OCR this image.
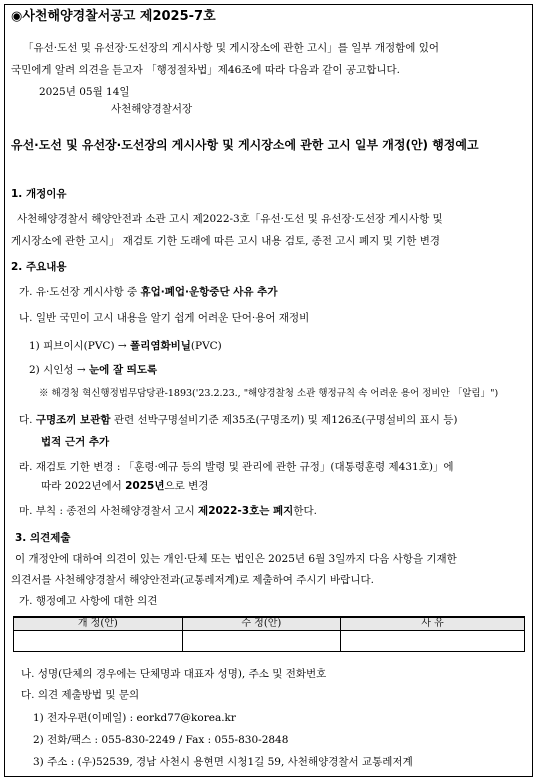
◉사천해양경찰서공고 제2025-7호
「유선·도선 및 유선장·도선장의 게시사항 및 게시장소에 관한 고시」를 일부 개정함에 있어
국민에게 알려 의견을 듣고자 「행정절차법」제46조에 따라 다음과 같이 공고합니다.
2025년 05월 14일
사천해양경찰서장
유선·도선 및 유선장·도선장의 게시사항 및 게시장소에 관한 고시 일부 개정(안) 행정예고
1. 개정이유
사천해양경찰서 해양안전과 소관 고시 제2022-3호「유선·도선 및 유선장·도선장 게시사항 및
게시장소에 관한 고시」 재검토 기한 도래에 따른 고시 내용 검토, 종전 고시 폐지 및 기한 변경
2. 주요내용
가. 유·도선장 게시사항 중 휴업·폐업·운항중단 사유 추가
나. 일반 국민이 고시 내용을 알기 쉽게 어려운 단어·용어 재정비
1) 피브이시(PVC) → 폴리염화비닐(PVC)
2) 시인성 → 눈에 잘 띄도록
※ 해경청 혁신행정법무담당관-1893('23.2.23., "해양경찰청 소관 행정규칙 속 어려운 용어 정비안 「알림」")
다. 구명조끼 보관함 관련 선박구명설비기준 제35조(구명조끼) 및 제126조(구명설비의 표시 등)
법적 근거 추가
라. 재검토 기한 변경 : 「훈령·예규 등의 발령 및 관리에 관한 규정」(대통령훈령 제431호)」에
따라 2022년에서 2025년으로 변경
마. 부칙 : 종전의 사천해양경찰서 고시 제2022-3호는 폐지한다.
3. 의견제출
이 개정안에 대하여 의견이 있는 개인·단체 또는 법인은 2025년 6월 3일까지 다음 사항을 기재한
의견서를 사천해양경찰서 해양안전과(교통레저계)로 제출하여 주시기 바랍니다.
가. 행정예고 사항에 대한 의견
개 정(안)	수 정(안)	사 유

나. 성명(단체의 경우에는 단체명과 대표자 성명), 주소 및 전화번호
다. 의견 제출방법 및 문의
1) 전자우편(이메일) : eorkd77@korea.kr
2) 전화/팩스 : 055-830-2249 / Fax : 055-830-2848
3) 주소 : (우)52539, 경남 사천시 용현면 시청1길 59, 사천해양경찰서 교통레저계
